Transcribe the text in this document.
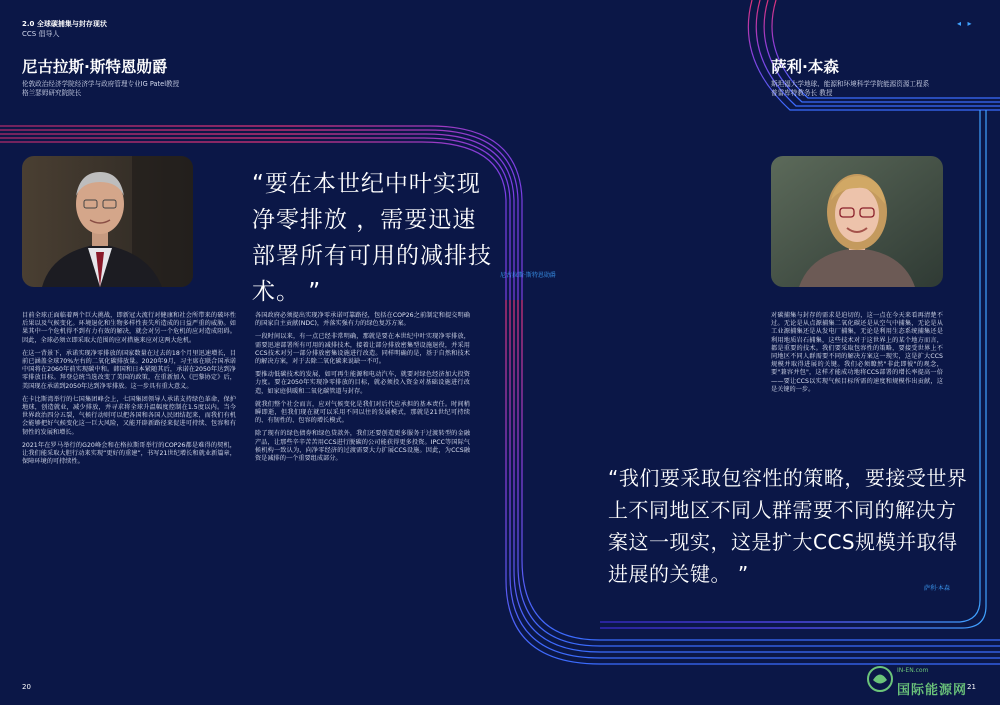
2.0 全球碳捕集与封存现状
CCS 倡导人
◂ ▸
尼古拉斯·斯特恩勋爵
伦敦政治经济学院经济学与政府管理专业IG Patel教授
格兰瑟姆研究院院长
“要在本世纪中叶实现净零排放 ，需要迅速部署所有可用的减排技术。 ”
尼古拉斯·斯特恩勋爵

目前全球正面临着两个巨大挑战，即新冠大流行对健康和社会所带来的破坏性后果以及气候变化。环境退化和生物多样性丧失所造成的日益严重的威胁。如果其中一个危机得不到有力有效的解决，就会对另一个危机的应对造成阻碍。因此，全球必须立即采取大范围的应对措施来应对这两大危机。

在这一背景下，承诺实现净零排放的国家数量在过去的18个月里迅速增长，目前已涵盖全球70%左右的二氧化碳排放量。2020年9月，习主席在联合国承诺中国将在2060年前实现碳中和。韩国和日本紧随其后，承诺在2050年达到净零排放目标。拜登总统当选改变了美国的政策，在重新加入《巴黎协定》后，美国现在承诺到2050年达到净零排放。这一步具有重大意义。

在卡比斯湾举行的七国集团峰会上，七国集团领导人承诺支持绿色革命，保护地球，创造就业，减少排放，并寻求将全球升温幅度控制在1.5度以内。当今世界政治四分五裂，气候行动则可以把各国和各国人民团结起来，而我们有机会能够把好气候变化这一巨大风险，又能开辟新路径来促进可持续、包容和有韧性的发展和增长。

2021年在罗马举行的G20峰会和在格拉斯哥举行的COP26都是难得的契机，让我们能采取大胆行动来实现“更好的重建”，书写21世纪增长和就业新篇章，保障环境的可持续性。

各国政府必须提出实现净零承诺可靠路径，包括在COP26之前制定和提交明确的国家自主贡献(NDC)，并落实强有力的绿色复苏方案。

一段时间以来，有一点已经非常明确，那就是要在本世纪中叶实现净零排放，需要迅速部署所有可用的减排技术，接着让部分排放密集型设施退役，并采用CCS技术对另一部分排放密集设施进行改造。同样明确的是，基于自然和技术的解决方案，对于去除二氧化碳来说缺一不可。

要推动低碳技术的发展，如可再生能源和电动汽车，就要对绿色经济加大投资力度。要在2050年实现净零排放的目标，就必须投入资金对基础设施进行改造，如家庭供暖和二氧化碳管道与封存。

就我们整个社会而言，应对气候变化是我们对后代应承担的基本责任。时间稍瞬即逝，但我们现在就可以采用不同以往的发展模式，那就是21世纪可持续的、有韧性的、包容的增长模式。

除了现有的绿色债券和绿色贷款外，我们还要创造更多服务于过渡转型的金融产品，让那些辛辛苦苦用CCS进行脱碳的公司能获得更多投资。IPCC等国际气候机构一致认为，向净零经济的过渡需要大力扩展CCS设施。因此，为CCS融资是减排的一个重要组成部分。

萨利·本森
斯坦福大学地球、能源和环境科学学院能源资源工程系
普雷库特教务长 教授

对碳捕集与封存的需求是迫切的，这一点在今天来看再清楚不过。无论是从点源捕集二氧化碳还是从空气中捕集，无论是从工业源捕集还是从发电厂捕集，无论是利用生态系统捕集还是利用地质岩石捕集，这些技术对于这世界上的某个地方而言，都是重要的技术。我们要采取包容性的策略，要接受世界上不同地区不同人群需要不同的解决方案这一现实，这是扩大CCS规模并取得进展的关键。我们必须瞭然"非此即彼"的观念，要"兼容并包"，这样才能成功地将CCS部署的增长率提高一倍——要让CCS以实现气候目标所需的速度和规模作出贡献，这是关键的一步。

“我们要采取包容性的策略，要接受世界上不同地区不同人群需要不同的解决方案这一现实，这是扩大CCS规模并取得进展的关键。 ”
萨利·本森
20	21
IN-EN.com
国际能源网
